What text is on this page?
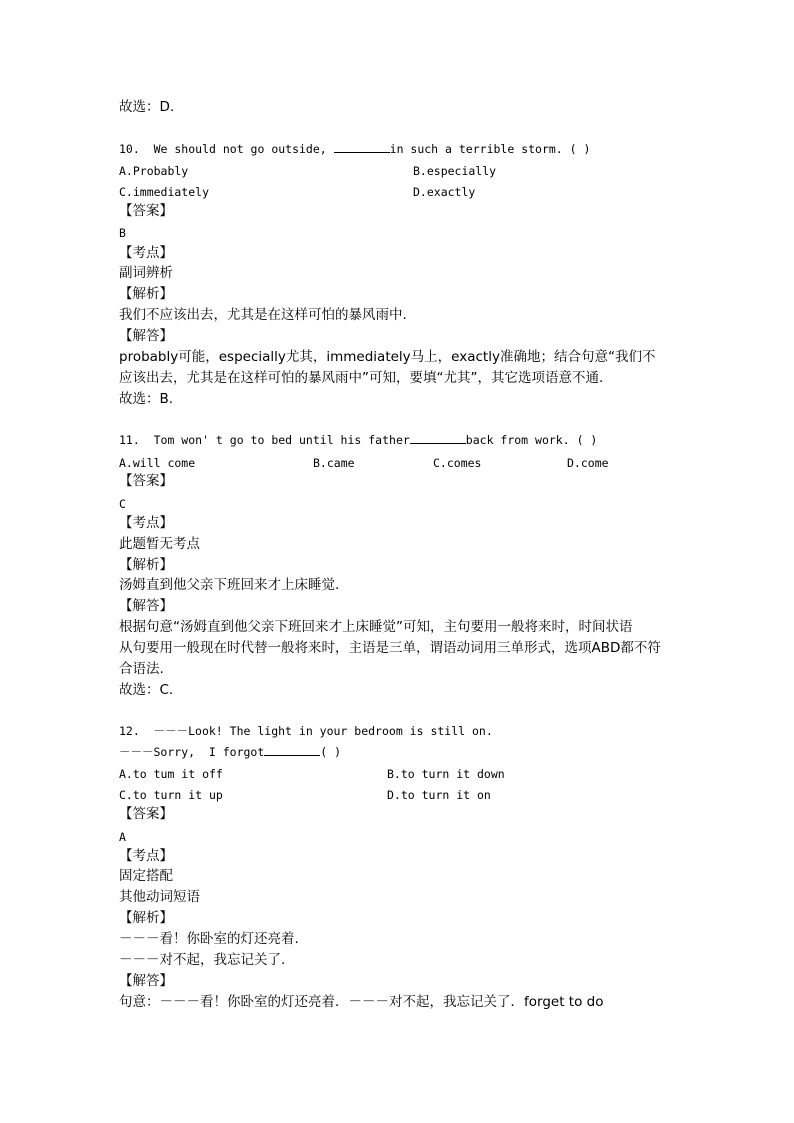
故选：D.
10.  We should not go outside,	in such a terrible storm. ( )
A.Probably	B.especially
C.immediately	D.exactly
【答案】
B
【考点】
副词辨析
【解析】
我们不应该出去，尤其是在这样可怕的暴风雨中.
【解答】
probably可能，especially尤其，immediately马上，exactly准确地；结合句意“我们不
应该出去，尤其是在这样可怕的暴风雨中”可知，要填“尤其”，其它选项语意不通.
故选：B.
11.  Tom won' t go to bed until his father	back from work. ( )
A.will come	B.came	C.comes	D.come
【答案】
C
【考点】
此题暂无考点
【解析】
汤姆直到他父亲下班回来才上床睡觉.
【解答】
根据句意“汤姆直到他父亲下班回来才上床睡觉”可知，主句要用一般将来时，时间状语
从句要用一般现在时代替一般将来时，主语是三单，谓语动词用三单形式，选项ABD都不符
合语法.
故选：C.
12.  －－－Look! The light in your bedroom is still on.
－－－Sorry,  I forgot	( )
A.to tum it off	B.to turn it down
C.to turn it up	D.to turn it on
【答案】
A
【考点】
固定搭配
其他动词短语
【解析】
－－－看！你卧室的灯还亮着.
－－－对不起，我忘记关了.
【解答】
句意：－－－看！你卧室的灯还亮着．－－－对不起，我忘记关了．forget to do
